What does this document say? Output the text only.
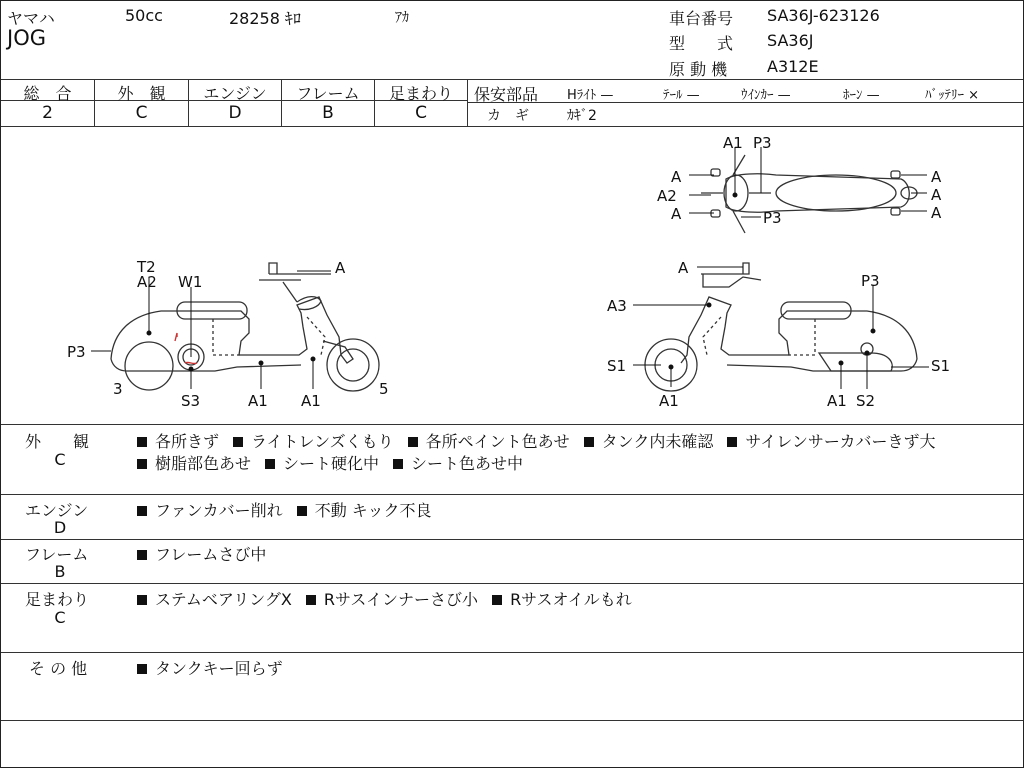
ヤマハ	50cc	28258 ｷﾛ	ｱｶ
JOG
車台番号 SA36J-623126
型　　式 SA36J
原 動 機 A312E
総　合
2
外　観
C
エンジン
D
フレーム
B
足まわり
C
保安部品 Hﾗｲﾄ —	ﾃｰﾙ —	ｳｲﾝｶｰ —	ﾎｰﾝ —	ﾊﾞｯﾃﾘｰ ×
カ　ギ	ｶｷﾞ2
A1 P3
A
A2
A	P3
A
A
A
T2
A2 W1
P3
3
S3	A1 A1
A
5
A
A3
P3
S1
A1	A1 S2
S1
外　　観
C
各所きず ライトレンズくもり 各所ペイント色あせ タンク内未確認 サイレンサーカバーきず大
樹脂部色あせ シート硬化中 シート色あせ中
エンジン
D
ファンカバー削れ 不動 キック不良
フレーム
B
フレームさび中
足まわり
C
ステムベアリングX Rサスインナーさび小 Rサスオイルもれ
そ の 他	タンクキー回らず
